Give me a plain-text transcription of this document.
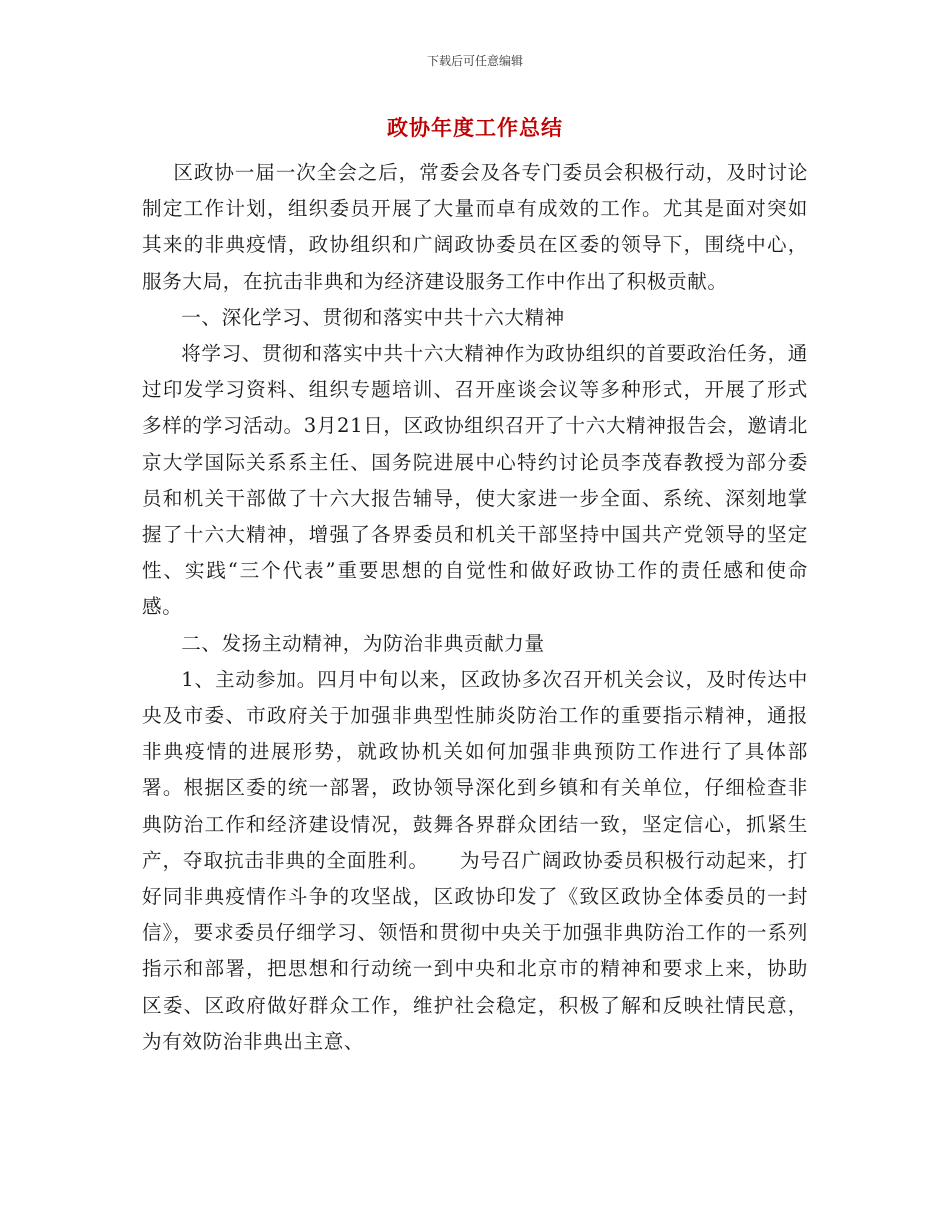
下载后可任意编辑
政协年度工作总结

区政协一届一次全会之后，常委会及各专门委员会积极行动，及时讨论制定工作计划，组织委员开展了大量而卓有成效的工作。尤其是面对突如其来的非典疫情，政协组织和广阔政协委员在区委的领导下，围绕中心，服务大局，在抗击非典和为经济建设服务工作中作出了积极贡献。

一、深化学习、贯彻和落实中共十六大精神

将学习、贯彻和落实中共十六大精神作为政协组织的首要政治任务，通过印发学习资料、组织专题培训、召开座谈会议等多种形式，开展了形式多样的学习活动。3月21日，区政协组织召开了十六大精神报告会，邀请北京大学国际关系系主任、国务院进展中心特约讨论员李茂春教授为部分委员和机关干部做了十六大报告辅导，使大家进一步全面、系统、深刻地掌握了十六大精神，增强了各界委员和机关干部坚持中国共产党领导的坚定性、实践“三个代表”重要思想的自觉性和做好政协工作的责任感和使命感。

二、发扬主动精神，为防治非典贡献力量

1、主动参加。四月中旬以来，区政协多次召开机关会议，及时传达中央及市委、市政府关于加强非典型性肺炎防治工作的重要指示精神，通报非典疫情的进展形势，就政协机关如何加强非典预防工作进行了具体部署。根据区委的统一部署，政协领导深化到乡镇和有关单位，仔细检查非典防治工作和经济建设情况，鼓舞各界群众团结一致，坚定信心，抓紧生产，夺取抗击非典的全面胜利。　　为号召广阔政协委员积极行动起来，打好同非典疫情作斗争的攻坚战，区政协印发了《致区政协全体委员的一封信》，要求委员仔细学习、领悟和贯彻中央关于加强非典防治工作的一系列指示和部署，把思想和行动统一到中央和北京市的精神和要求上来，协助区委、区政府做好群众工作，维护社会稳定，积极了解和反映社情民意，为有效防治非典出主意、
